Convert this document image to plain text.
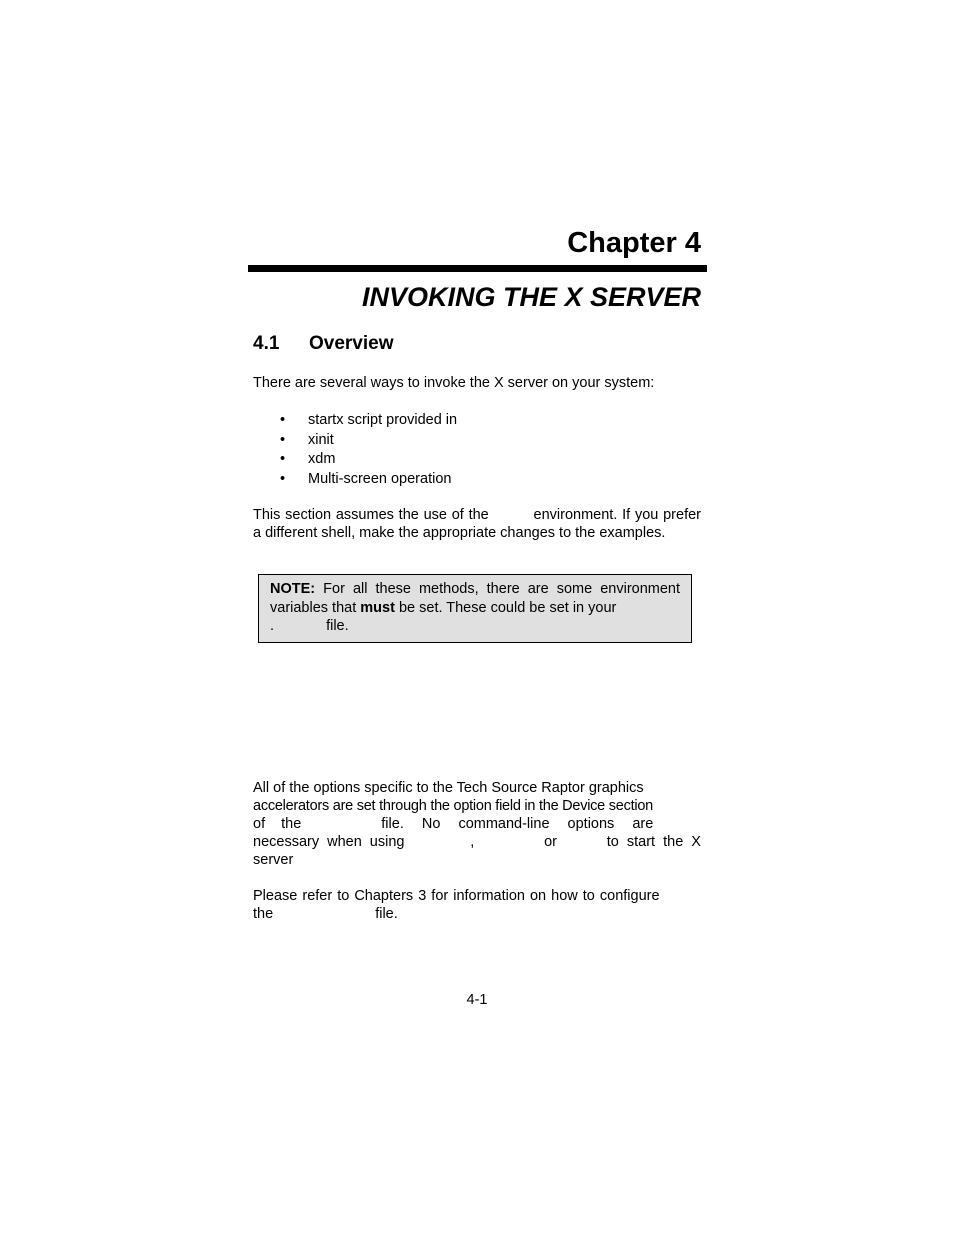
Chapter 4
INVOKING THE X SERVER
4.1 Overview
There are several ways to invoke the X server on your system:
• startx script provided in
• xinit
• xdm
• Multi-screen operation
This section assumes the use of the	environment. If you prefer a different shell, make the appropriate changes to the examples.
NOTE: For all these methods, there are some environment variables that must be set. These could be set in your
.	file.
All of the options specific to the Tech Source Raptor graphics
accelerators are set through the option field in the Device section
of the	file. No command-line options are
necessary when using	,	or	to start the X
server
Please refer to Chapters 3 for information on how to configure
the	file.
4-1
